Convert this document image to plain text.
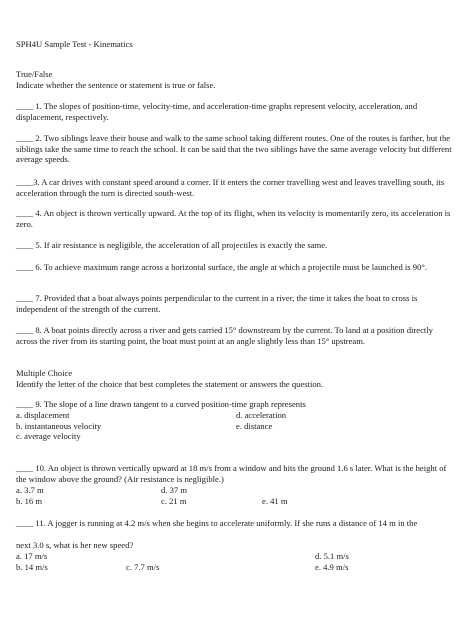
SPH4U Sample Test - Kinematics
True/False
Indicate whether the sentence or statement is true or false.
____ 1. The slopes of position-time, velocity-time, and acceleration-time graphs represent velocity, acceleration, and displacement, respectively.
____ 2. Two siblings leave their house and walk to the same school taking different routes. One of the routes is farther, but the siblings take the same time to reach the school. It can be said that the two siblings have the same average velocity but different average speeds.
____3. A car drives with constant speed around a corner. If it enters the corner travelling west and leaves travelling south, its acceleration through the turn is directed south-west.
____ 4. An object is thrown vertically upward. At the top of its flight, when its velocity is momentarily zero, its acceleration is zero.
____ 5. If air resistance is negligible, the acceleration of all projectiles is exactly the same.
____ 6. To achieve maximum range across a horizontal surface, the angle at which a projectile must be launched is 90°.
____ 7. Provided that a boat always points perpendicular to the current in a river, the time it takes the boat to cross is independent of the strength of the current.
____ 8. A boat points directly across a river and gets carried 15° downstream by the current. To land at a position directly across the river from its starting point, the boat must point at an angle slightly less than 15° upstream.
Multiple Choice
Identify the letter of the choice that best completes the statement or answers the question.
____ 9. The slope of a line drawn tangent to a curved position-time graph represents
a. displacement	d. acceleration
b. instantaneous velocity	e. distance
c. average velocity
____ 10. An object is thrown vertically upward at 18 m/s from a window and hits the ground 1.6 s later. What is the height of the window above the ground? (Air resistance is negligible.)
a. 3.7 m	d. 37 m
b. 16 m	c. 21 m	e. 41 m
____ 11. A jogger is running at 4.2 m/s when she begins to accelerate uniformly. If she runs a distance of 14 m in the
next 3.0 s, what is her new speed?
a. 17 m/s	d. 5.1 m/s
b. 14 m/s	c. 7.7 m/s	e. 4.9 m/s
